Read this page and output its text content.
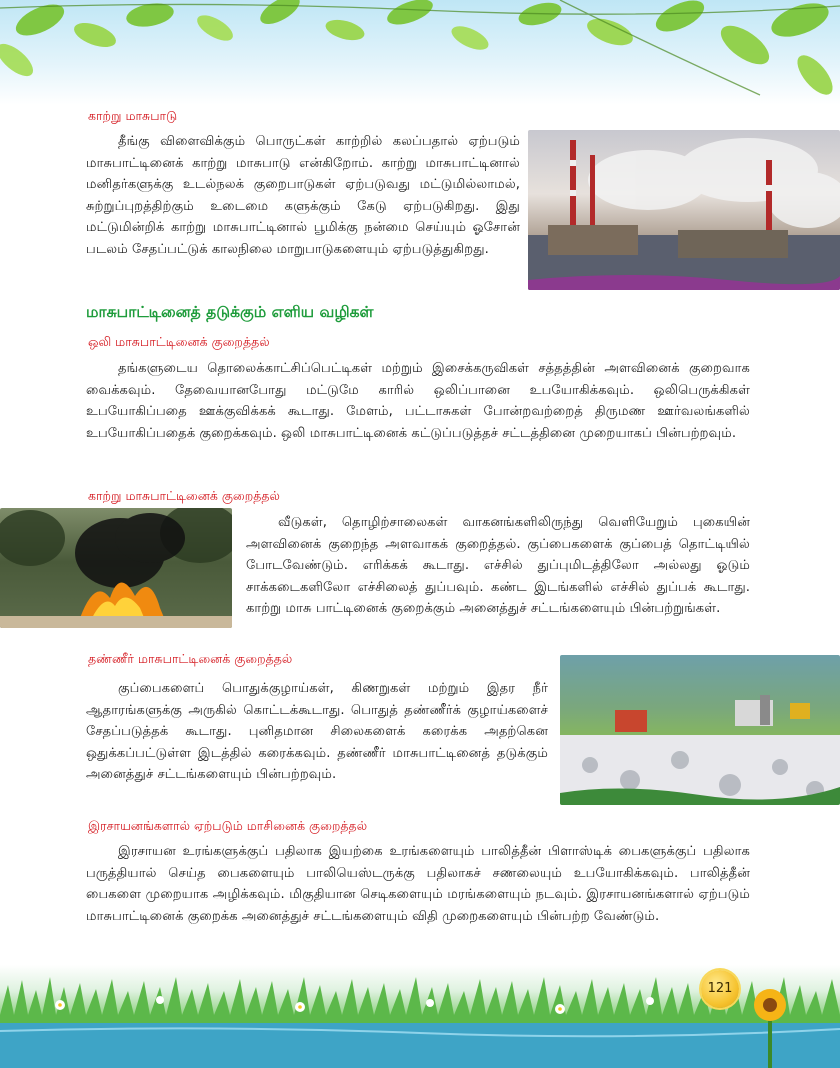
காற்று மாசுபாடு

தீங்கு விளைவிக்கும் பொருட்கள் காற்றில் கலப்பதால் ஏற்படும் மாசுபாட்டினைக் காற்று மாசுபாடு என்கிறோம். காற்று மாசுபாட்டினால் மனிதர்களுக்கு உடல்நலக் குறைபாடுகள் ஏற்படுவது மட்டுமில்லாமல், சுற்றுப்புறத்திற்கும் உடைமை களுக்கும் கேடு ஏற்படுகிறது. இது மட்டுமின்றிக் காற்று மாசுபாட்டினால் பூமிக்கு நன்மை செய்யும் ஓசோன் படலம் சேதப்பட்டுக் காலநிலை மாறுபாடுகளையும் ஏற்படுத்துகிறது.

மாசுபாட்டினைத் தடுக்கும் எளிய வழிகள்
ஒலி மாசுபாட்டினைக் குறைத்தல்

தங்களுடைய தொலைக்காட்சிப்பெட்டிகள் மற்றும் இசைக்கருவிகள் சத்தத்தின் அளவினைக் குறைவாக வைக்கவும். தேவையானபோது மட்டுமே காரில் ஒலிப்பானை உபயோகிக்கவும். ஒலிபெருக்கிகள் உபயோகிப்பதை ஊக்குவிக்கக் கூடாது. மேளம், பட்டாசுகள் போன்றவற்றைத் திருமண ஊர்வலங்களில் உபயோகிப்பதைக் குறைக்கவும். ஒலி மாசுபாட்டினைக் கட்டுப்படுத்தச் சட்டத்தினை முறையாகப் பின்பற்றவும்.

காற்று மாசுபாட்டினைக் குறைத்தல்

வீடுகள், தொழிற்சாலைகள் வாகனங்களிலிருந்து வெளியேறும் புகையின் அளவினைக் குறைந்த அளவாகக் குறைத்தல். குப்பைகளைக் குப்பைத் தொட்டியில் போடவேண்டும். எரிக்கக் கூடாது. எச்சில் துப்புமிடத்திலோ அல்லது ஓடும் சாக்கடைகளிலோ எச்சிலைத் துப்பவும். கண்ட இடங்களில் எச்சில் துப்பக் கூடாது. காற்று மாசு பாட்டினைக் குறைக்கும் அனைத்துச் சட்டங்களையும் பின்பற்றுங்கள்.

தண்ணீர் மாசுபாட்டினைக் குறைத்தல்

குப்பைகளைப் பொதுக்குழாய்கள், கிணறுகள் மற்றும் இதர நீர் ஆதாரங்களுக்கு அருகில் கொட்டக்கூடாது. பொதுத் தண்ணீர்க் குழாய்களைச் சேதப்படுத்தக் கூடாது. புனிதமான சிலைகளைக் கரைக்க அதற்கென ஒதுக்கப்பட்டுள்ள இடத்தில் கரைக்கவும். தண்ணீர் மாசுபாட்டினைத் தடுக்கும் அனைத்துச் சட்டங்களையும் பின்பற்றவும்.

இரசாயனங்களால் ஏற்படும் மாசினைக் குறைத்தல்

இரசாயன உரங்களுக்குப் பதிலாக இயற்கை உரங்களையும் பாலித்தீன் பிளாஸ்டிக் பைகளுக்குப் பதிலாக பருத்தியால் செய்த பைகளையும் பாலியெஸ்டருக்கு பதிலாகச் சணலையும் உபயோகிக்கவும். பாலித்தீன் பைகளை முறையாக அழிக்கவும். மிகுதியான செடிகளையும் மரங்களையும் நடவும். இரசாயனங்களால் ஏற்படும் மாசுபாட்டினைக் குறைக்க அனைத்துச் சட்டங்களையும் விதி முறைகளையும் பின்பற்ற வேண்டும்.

121
